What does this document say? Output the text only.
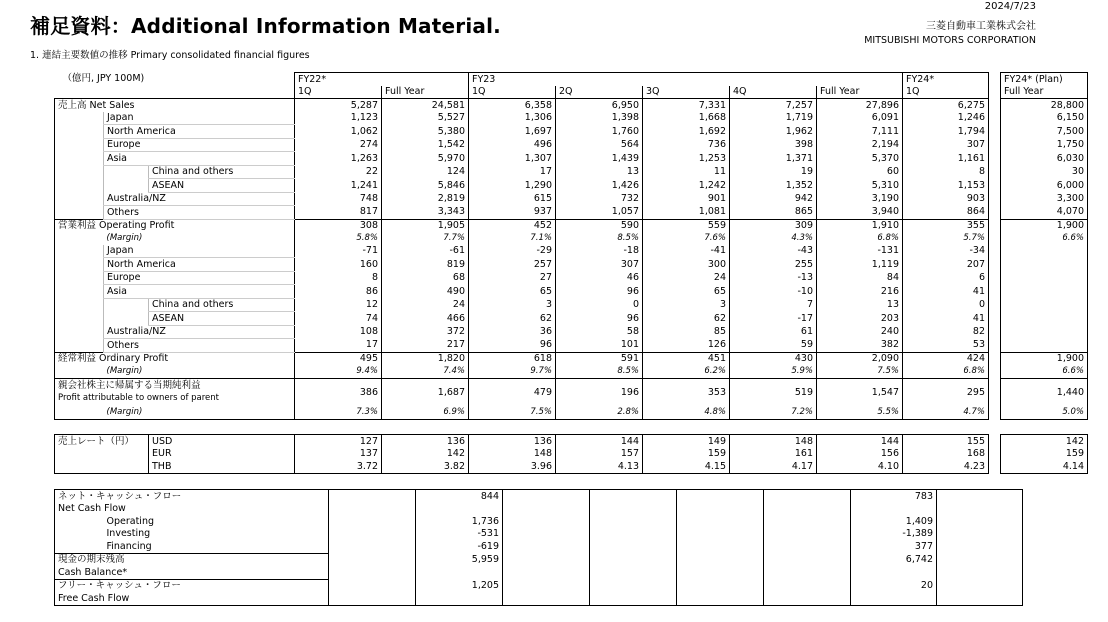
補足資料：Additional Information Material.
2024/7/23
三菱自動車工業株式会社
MITSUBISHI MOTORS CORPORATION
1. 連結主要数値の推移 Primary consolidated financial figures
（億円, JPY 100M)			FY22*		FY23					FY24*		FY24* (Plan)
			1Q	Full Year	1Q	2Q	3Q	4Q	Full Year	1Q		Full Year
売上高 Net Sales			5,287	24,581	6,358	6,950	7,331	7,257	27,896	6,275		28,800
	Japan		1,123	5,527	1,306	1,398	1,668	1,719	6,091	1,246		6,150
	North America		1,062	5,380	1,697	1,760	1,692	1,962	7,111	1,794		7,500
	Europe		274	1,542	496	564	736	398	2,194	307		1,750
	Asia		1,263	5,970	1,307	1,439	1,253	1,371	5,370	1,161		6,030
		China and others	22	124	17	13	11	19	60	8		30
		ASEAN	1,241	5,846	1,290	1,426	1,242	1,352	5,310	1,153		6,000
	Australia/NZ		748	2,819	615	732	901	942	3,190	903		3,300
	Others		817	3,343	937	1,057	1,081	865	3,940	864		4,070
営業利益 Operating Profit			308	1,905	452	590	559	309	1,910	355		1,900
	(Margin)		5.8%	7.7%	7.1%	8.5%	7.6%	4.3%	6.8%	5.7%		6.6%
	Japan		-71	-61	-29	-18	-41	-43	-131	-34		
	North America		160	819	257	307	300	255	1,119	207		
	Europe		8	68	27	46	24	-13	84	6		
	Asia		86	490	65	96	65	-10	216	41		
		China and others	12	24	3	0	3	7	13	0		
		ASEAN	74	466	62	96	62	-17	203	41		
	Australia/NZ		108	372	36	58	85	61	240	82		
	Others		17	217	96	101	126	59	382	53		
経常利益 Ordinary Profit			495	1,820	618	591	451	430	2,090	424		1,900
	(Margin)		9.4%	7.4%	9.7%	8.5%	6.2%	5.9%	7.5%	6.8%		6.6%

親会社株主に帰属する当期純利益
Profit attributable to owners of parent			386	1,687	479	196	353	519	1,547	295		1,440
	(Margin)		7.3%	6.9%	7.5%	2.8%	4.8%	7.2%	5.5%	4.7%		5.0%
売上レート（円）	USD	127	136	136	144	149	148	144	155		142
	EUR	137	142	148	157	159	161	156	168		159
	THB	3.72	3.82	3.96	4.13	4.15	4.17	4.10	4.23		4.14
ネット・キャッシュ・フロー			844					783	
Net Cash Flow									
	Operating		1,736					1,409	
	Investing		-531					-1,389	
	Financing		-619					377	
現金の期末残高			5,959					6,742	
Cash Balance*									
フリー・キャッシュ・フロー			1,205					20	
Free Cash Flow									
